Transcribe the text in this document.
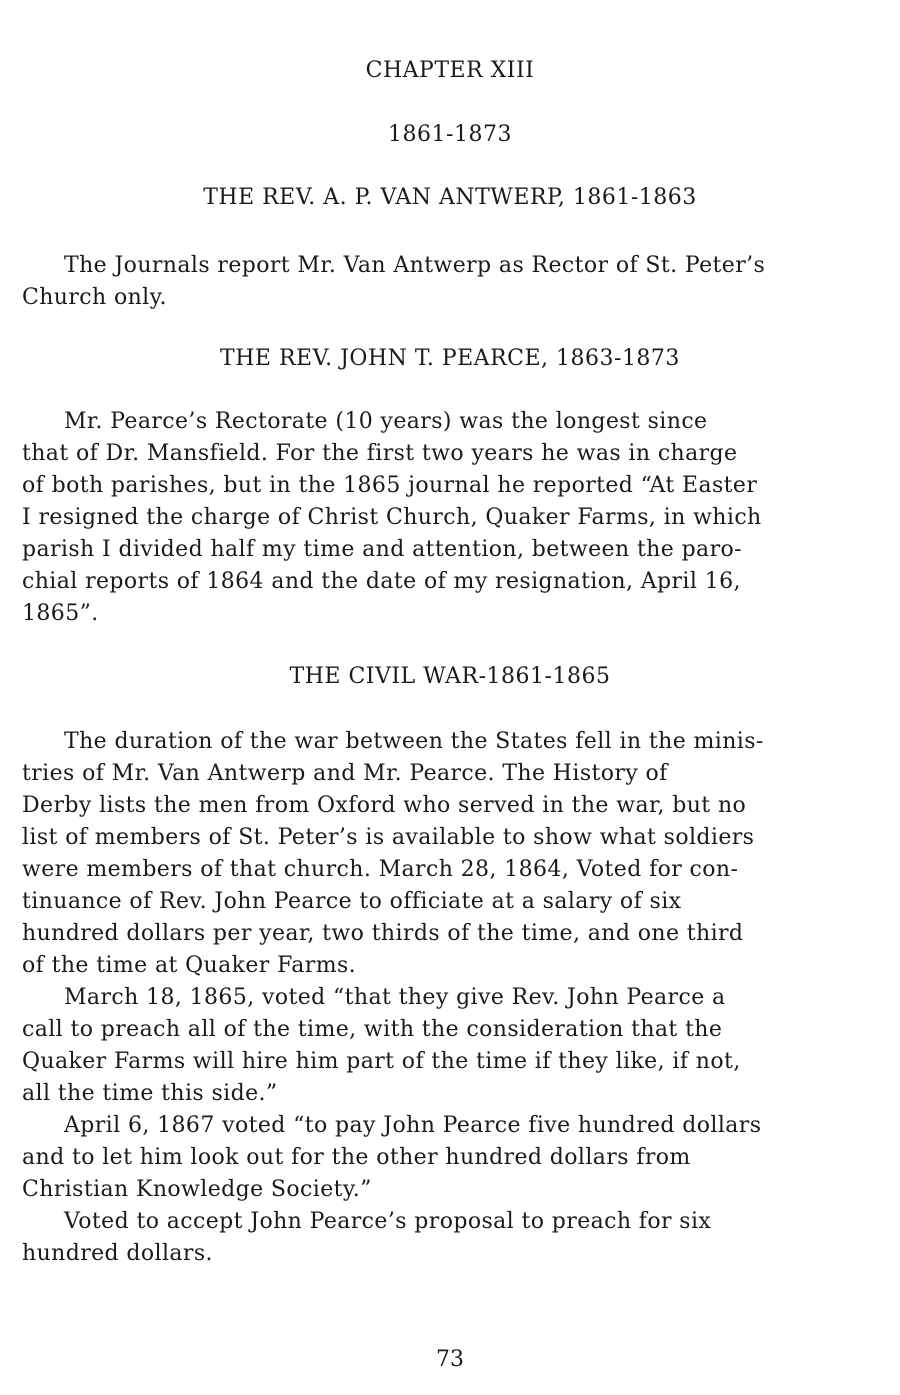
CHAPTER XIII
1861-1873
THE REV. A. P. VAN ANTWERP, 1861-1863
The Journals report Mr. Van Antwerp as Rector of St. Peter’s
Church only.
THE REV. JOHN T. PEARCE, 1863-1873
Mr. Pearce’s Rectorate (10 years) was the longest since
that of Dr. Mansfield. For the first two years he was in charge
of both parishes, but in the 1865 journal he reported “At Easter
I resigned the charge of Christ Church, Quaker Farms, in which
parish I divided half my time and attention, between the paro-
chial reports of 1864 and the date of my resignation, April 16,
1865”.
THE CIVIL WAR-1861-1865
The duration of the war between the States fell in the minis-
tries of Mr. Van Antwerp and Mr. Pearce. The History of
Derby lists the men from Oxford who served in the war, but no
list of members of St. Peter’s is available to show what soldiers
were members of that church. March 28, 1864, Voted for con-
tinuance of Rev. John Pearce to officiate at a salary of six
hundred dollars per year, two thirds of the time, and one third
of the time at Quaker Farms.
March 18, 1865, voted “that they give Rev. John Pearce a
call to preach all of the time, with the consideration that the
Quaker Farms will hire him part of the time if they like, if not,
all the time this side.”
April 6, 1867 voted “to pay John Pearce five hundred dollars
and to let him look out for the other hundred dollars from
Christian Knowledge Society.”
Voted to accept John Pearce’s proposal to preach for six
hundred dollars.
73
